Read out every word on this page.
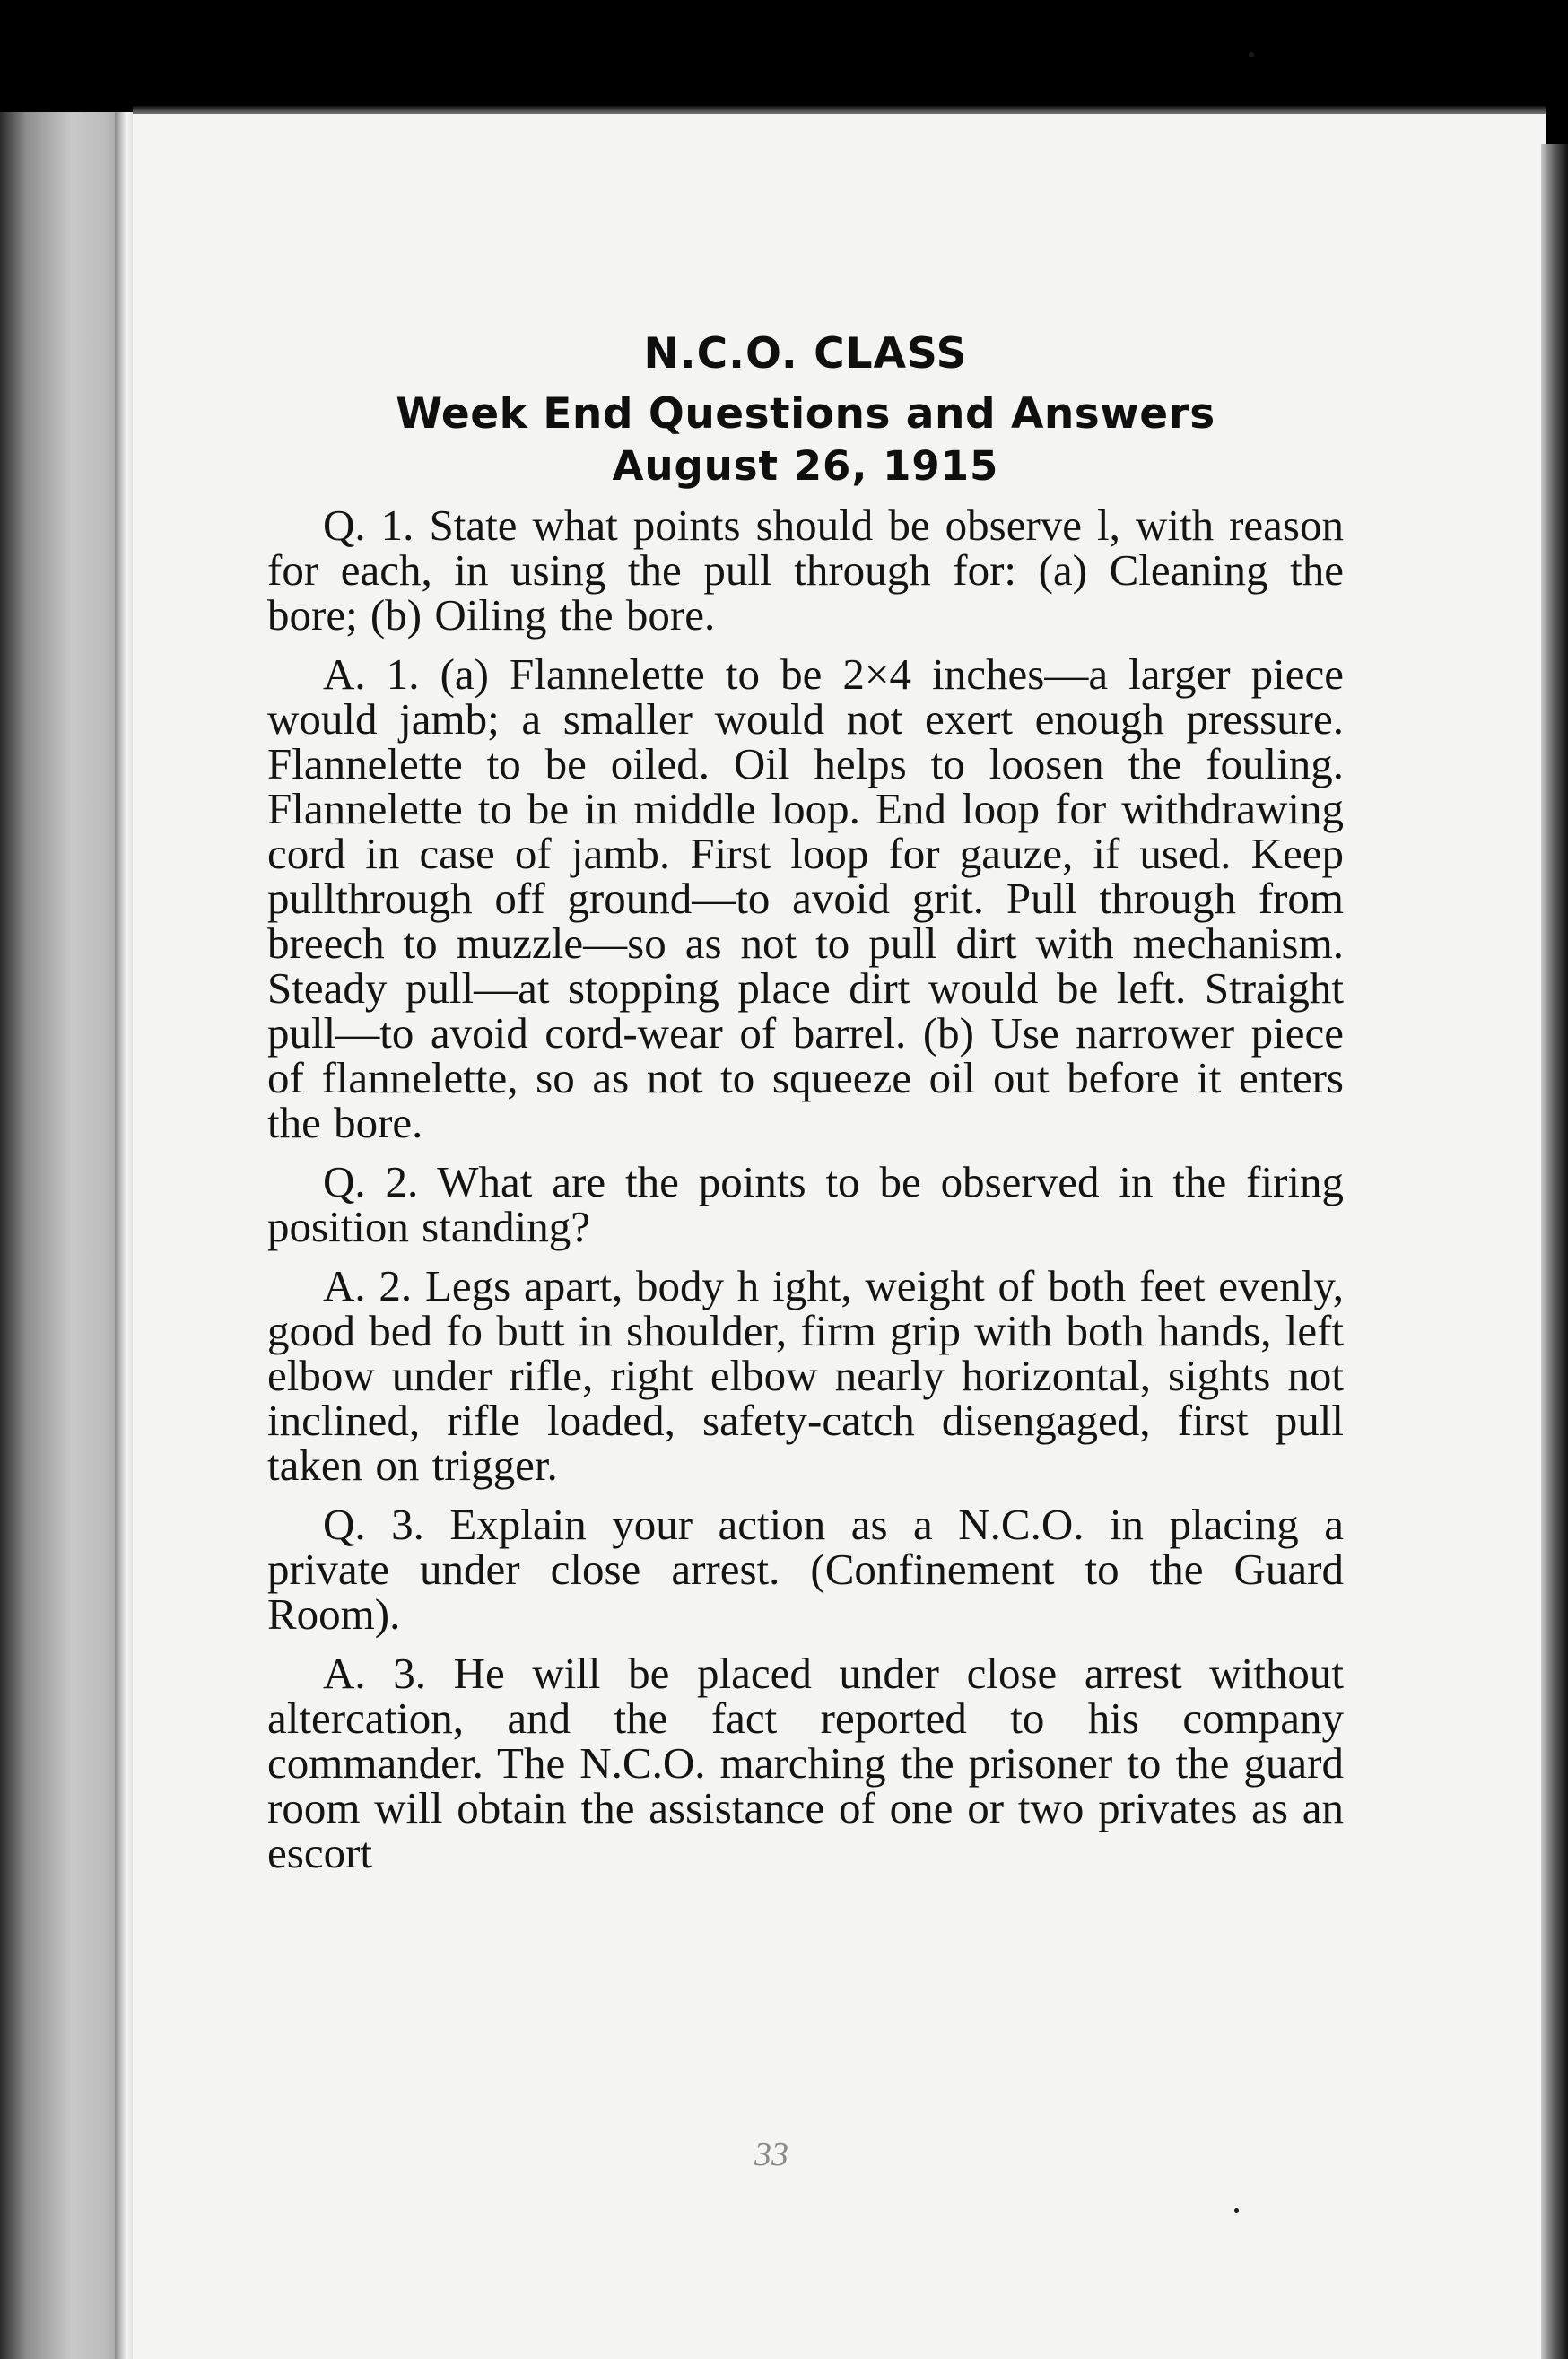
N.C.O. CLASS

Week End Questions and Answers

August 26, 1915

Q. 1. State what points should be observe l, with reason for each, in using the pull through for: (a) Cleaning the bore; (b) Oiling the bore.

A. 1. (a) Flannelette to be 2×4 inches—a larger piece would jamb; a smaller would not exert enough pressure. Flannelette to be oiled. Oil helps to loosen the fouling. Flannelette to be in middle loop. End loop for withdrawing cord in case of jamb. First loop for gauze, if used. Keep pullthrough off ground—to avoid grit. Pull through from breech to muzzle—so as not to pull dirt with mechanism. Steady pull—at stopping place dirt would be left. Straight pull—to avoid cord-wear of barrel. (b) Use narrower piece of flannelette, so as not to squeeze oil out before it enters the bore.

Q. 2. What are the points to be observed in the firing position standing?

A. 2. Legs apart, body h ight, weight of both feet evenly, good bed fo butt in shoulder, firm grip with both hands, left elbow under rifle, right elbow nearly horizontal, sights not inclined, rifle loaded, safety-catch disengaged, first pull taken on trigger.

Q. 3. Explain your action as a N.C.O. in placing a private under close arrest. (Confinement to the Guard Room).

A. 3. He will be placed under close arrest without altercation, and the fact reported to his company commander. The N.C.O. marching the prisoner to the guard room will obtain the assistance of one or two privates as an escort

33
